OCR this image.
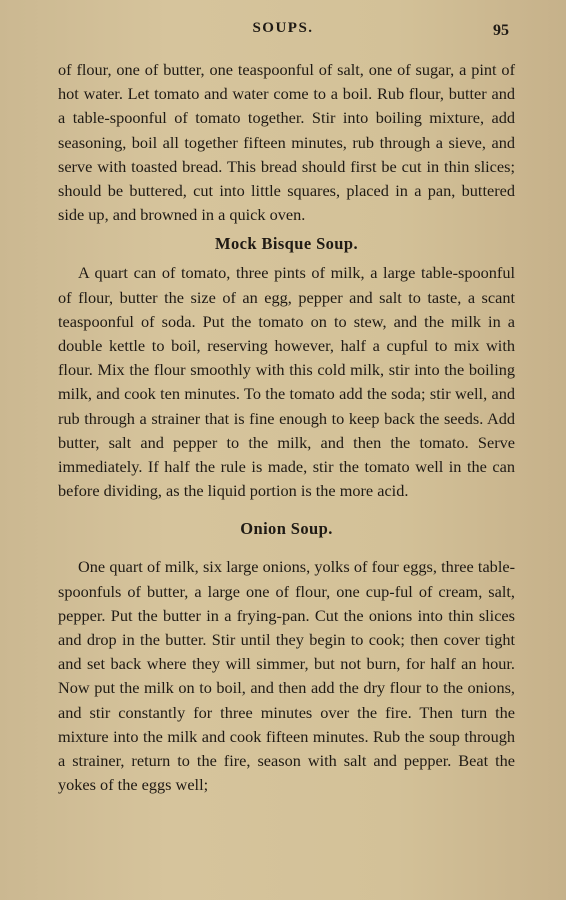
SOUPS.	95

of flour, one of butter, one teaspoonful of salt, one of sugar, a pint of hot water. Let tomato and water come to a boil. Rub flour, butter and a table-spoonful of tomato together. Stir into boiling mixture, add seasoning, boil all together fifteen minutes, rub through a sieve, and serve with toasted bread. This bread should first be cut in thin slices; should be buttered, cut into little squares, placed in a pan, buttered side up, and browned in a quick oven.

Mock Bisque Soup.

A quart can of tomato, three pints of milk, a large table-spoonful of flour, butter the size of an egg, pepper and salt to taste, a scant teaspoonful of soda. Put the tomato on to stew, and the milk in a double kettle to boil, reserving however, half a cupful to mix with flour. Mix the flour smoothly with this cold milk, stir into the boiling milk, and cook ten minutes. To the tomato add the soda; stir well, and rub through a strainer that is fine enough to keep back the seeds. Add butter, salt and pepper to the milk, and then the tomato. Serve immediately. If half the rule is made, stir the tomato well in the can before dividing, as the liquid portion is the more acid.

Onion Soup.

One quart of milk, six large onions, yolks of four eggs, three table-spoonfuls of butter, a large one of flour, one cup-ful of cream, salt, pepper. Put the butter in a frying-pan. Cut the onions into thin slices and drop in the butter. Stir until they begin to cook; then cover tight and set back where they will simmer, but not burn, for half an hour. Now put the milk on to boil, and then add the dry flour to the onions, and stir constantly for three minutes over the fire. Then turn the mixture into the milk and cook fifteen minutes. Rub the soup through a strainer, return to the fire, season with salt and pepper. Beat the yokes of the eggs well;
